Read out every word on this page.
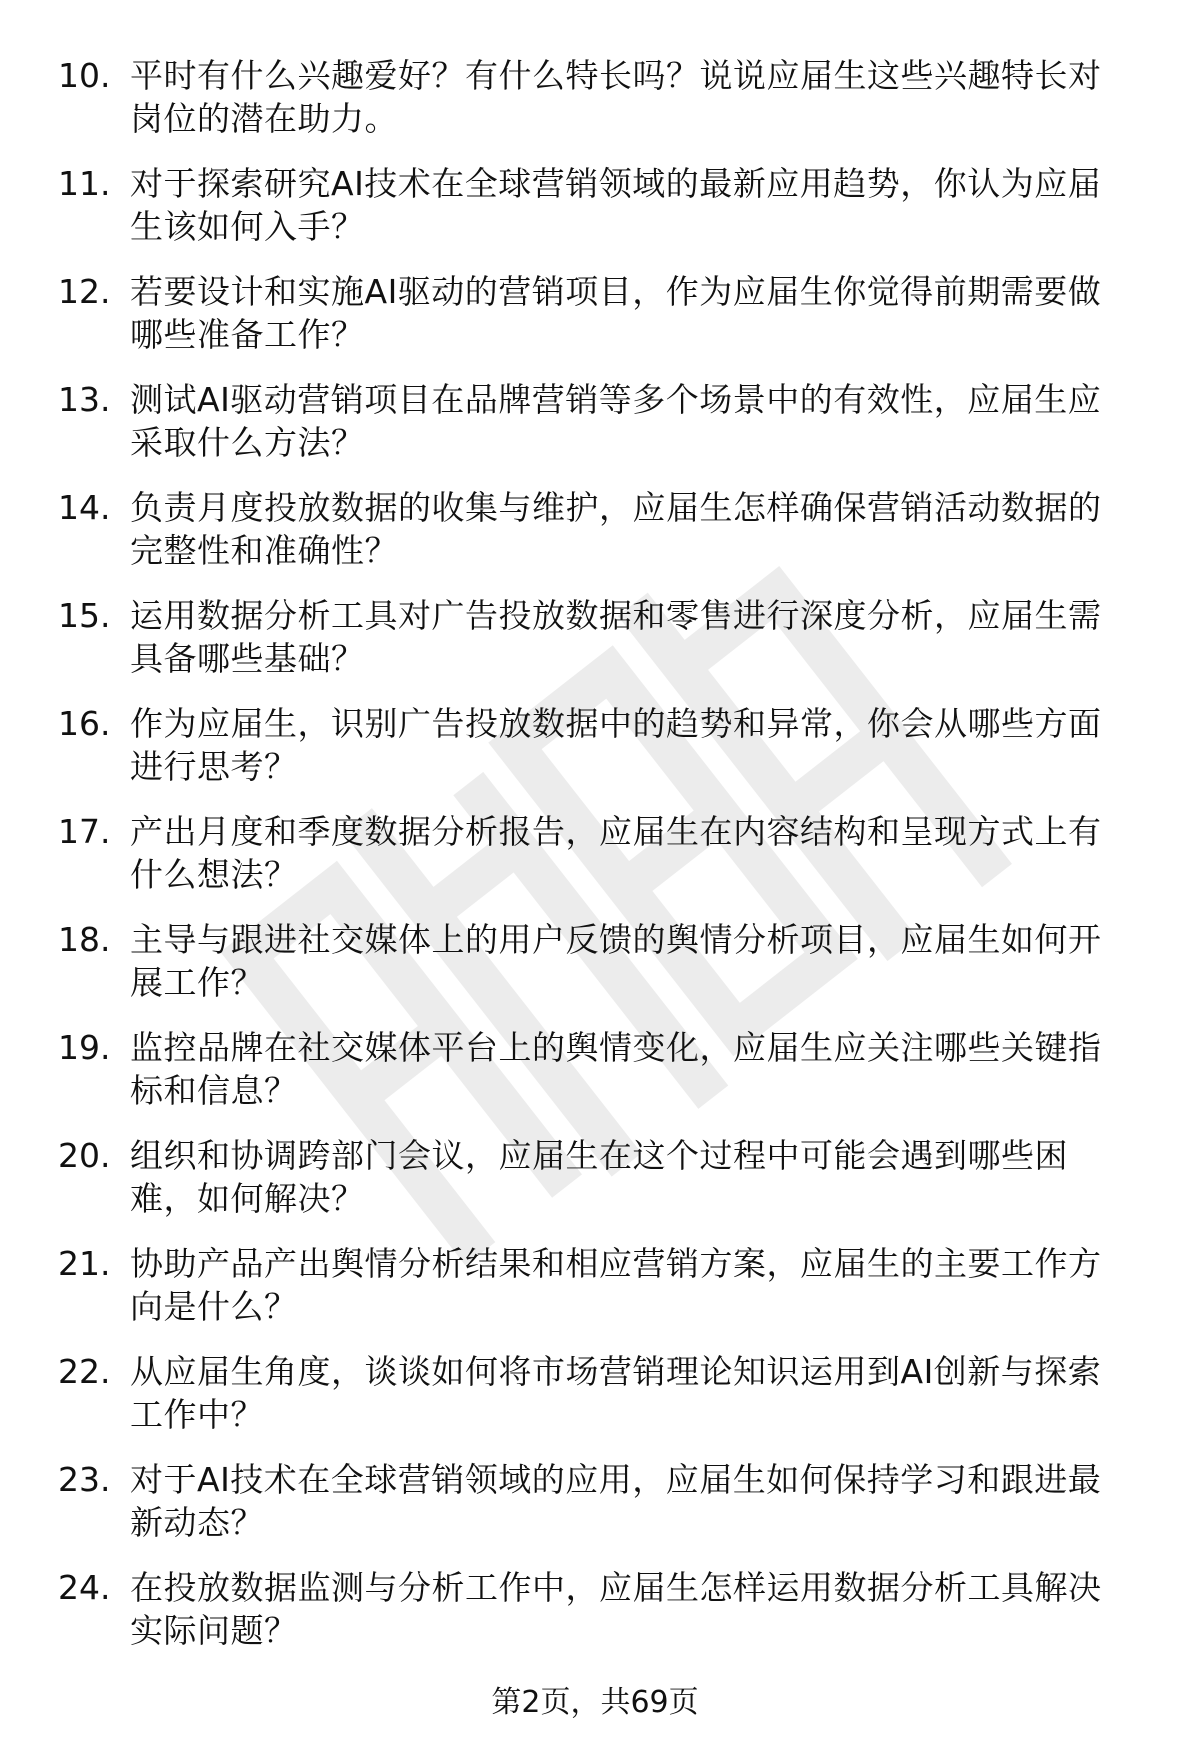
10. 平时有什么兴趣爱好？有什么特长吗？说说应届生这些兴趣特长对岗位的潜在助力。
11. 对于探索研究AI技术在全球营销领域的最新应用趋势，你认为应届生该如何入手？
12. 若要设计和实施AI驱动的营销项目，作为应届生你觉得前期需要做哪些准备工作？
13. 测试AI驱动营销项目在品牌营销等多个场景中的有效性，应届生应采取什么方法？
14. 负责月度投放数据的收集与维护，应届生怎样确保营销活动数据的完整性和准确性？
15. 运用数据分析工具对广告投放数据和零售进行深度分析，应届生需具备哪些基础？
16. 作为应届生，识别广告投放数据中的趋势和异常，你会从哪些方面进行思考？
17. 产出月度和季度数据分析报告，应届生在内容结构和呈现方式上有什么想法？
18. 主导与跟进社交媒体上的用户反馈的舆情分析项目，应届生如何开展工作？
19. 监控品牌在社交媒体平台上的舆情变化，应届生应关注哪些关键指标和信息？
20. 组织和协调跨部门会议，应届生在这个过程中可能会遇到哪些困难，如何解决？
21. 协助产品产出舆情分析结果和相应营销方案，应届生的主要工作方向是什么？
22. 从应届生角度，谈谈如何将市场营销理论知识运用到AI创新与探索工作中？
23. 对于AI技术在全球营销领域的应用，应届生如何保持学习和跟进最新动态？
24. 在投放数据监测与分析工作中，应届生怎样运用数据分析工具解决实际问题？
第2页，共69页
